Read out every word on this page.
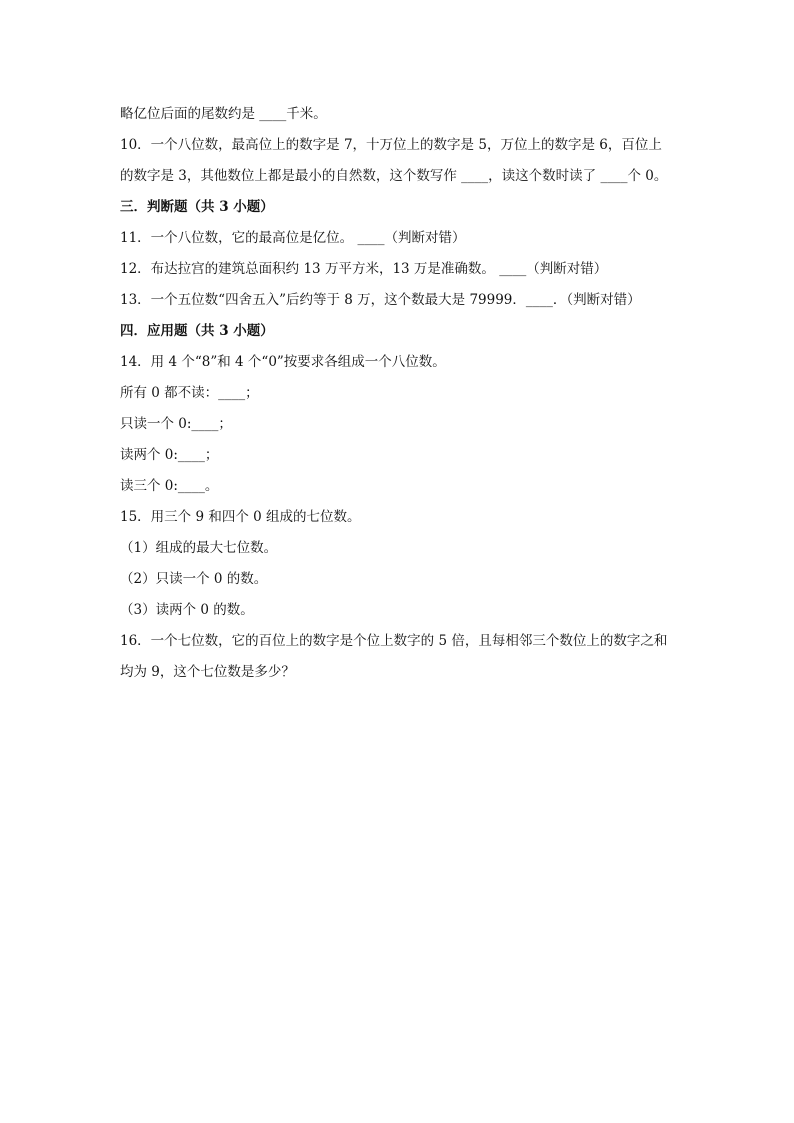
略亿位后面的尾数约是 ____千米。
10．一个八位数，最高位上的数字是 7，十万位上的数字是 5，万位上的数字是 6，百位上
的数字是 3，其他数位上都是最小的自然数，这个数写作 ____，读这个数时读了 ____个 0。
三．判断题（共 3 小题）
11．一个八位数，它的最高位是亿位。 ____（判断对错）
12．布达拉宫的建筑总面积约 13 万平方米，13 万是准确数。 ____（判断对错）
13．一个五位数“四舍五入”后约等于 8 万，这个数最大是 79999．____．（判断对错）
四．应用题（共 3 小题）
14．用 4 个“8”和 4 个“0”按要求各组成一个八位数。
所有 0 都不读：____；
只读一个 0:____；
读两个 0:____；
读三个 0:____。
15．用三个 9 和四个 0 组成的七位数。
（1）组成的最大七位数。
（2）只读一个 0 的数。
（3）读两个 0 的数。
16．一个七位数，它的百位上的数字是个位上数字的 5 倍，且每相邻三个数位上的数字之和
均为 9，这个七位数是多少？
